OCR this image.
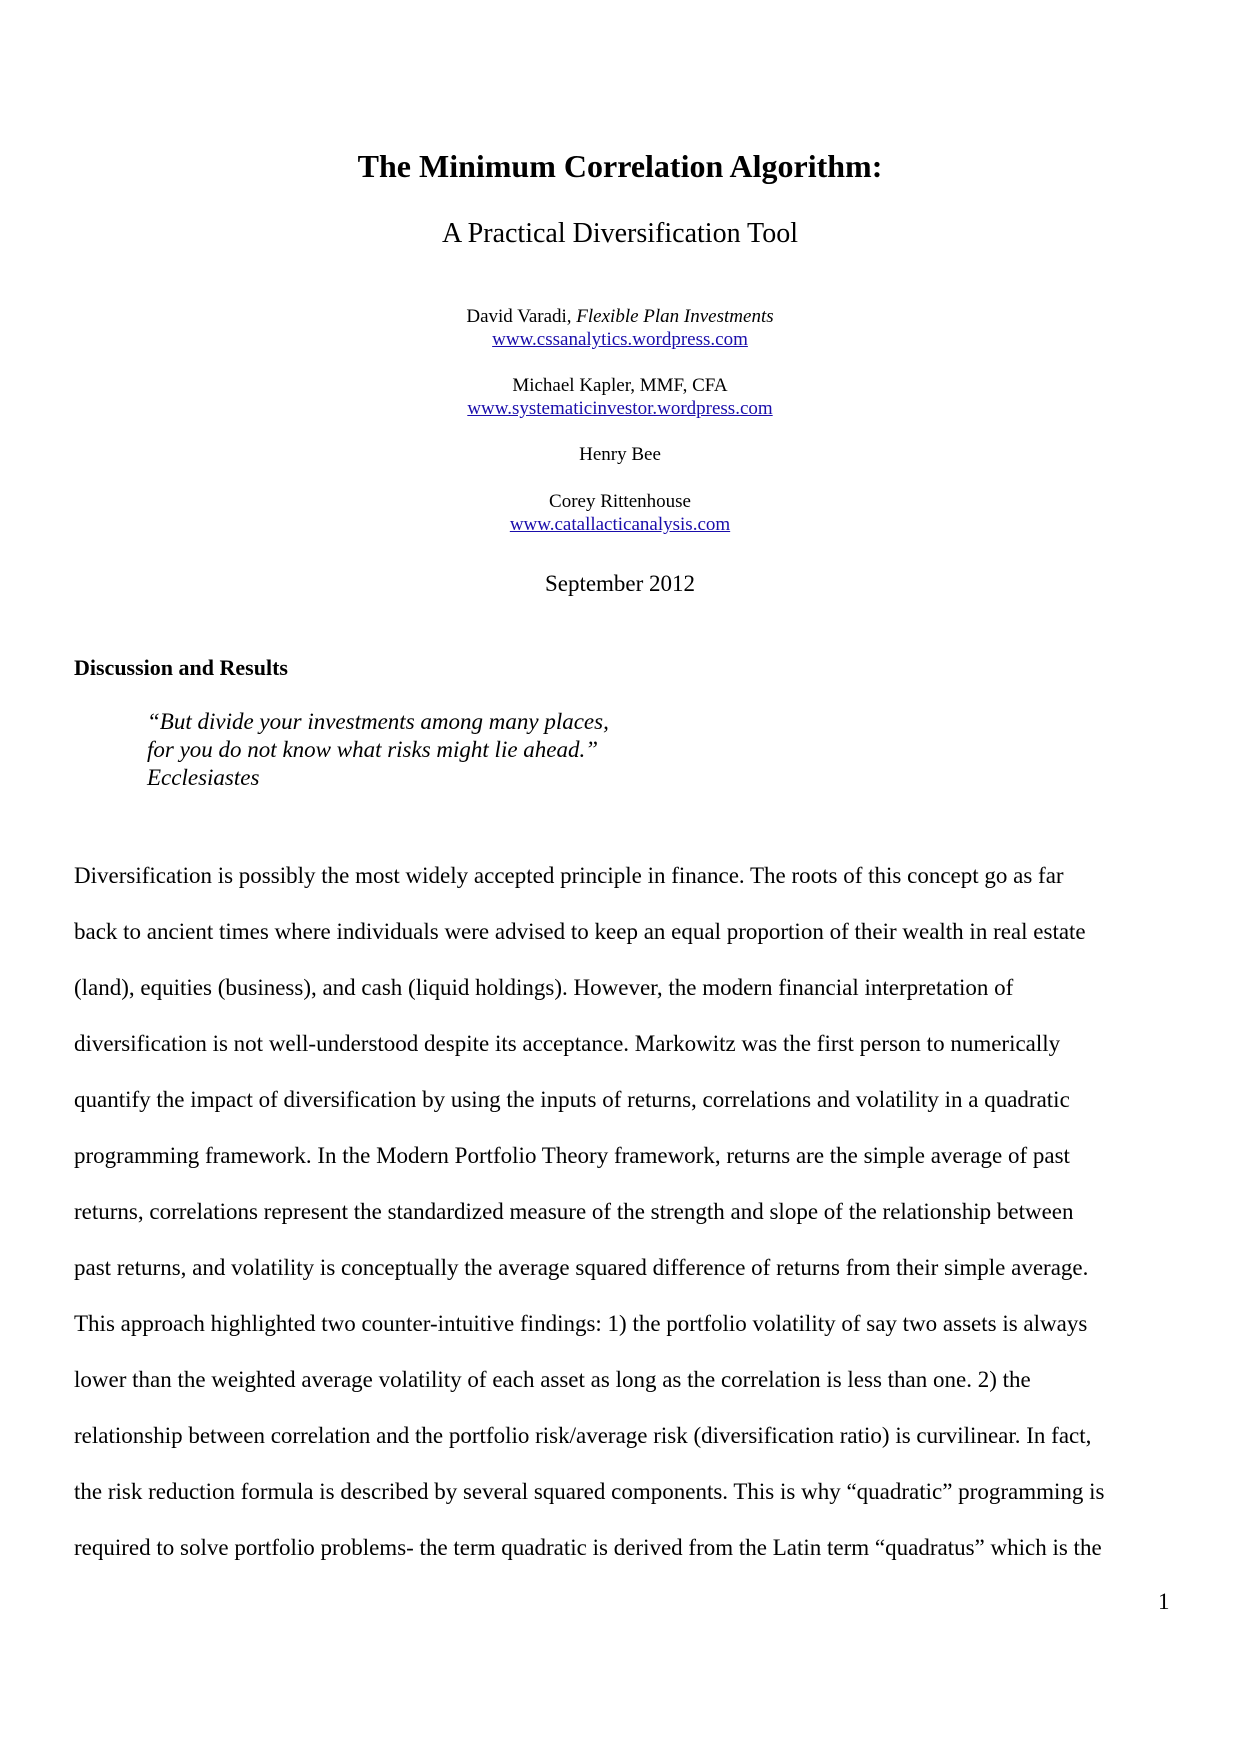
The Minimum Correlation Algorithm:
A Practical Diversification Tool
David Varadi, Flexible Plan Investments
www.cssanalytics.wordpress.com
Michael Kapler, MMF, CFA
www.systematicinvestor.wordpress.com
Henry Bee
Corey Rittenhouse
www.catallacticanalysis.com
September 2012
Discussion and Results
“But divide your investments among many places,
for you do not know what risks might lie ahead.”
Ecclesiastes
Diversification is possibly the most widely accepted principle in finance. The roots of this concept go as far
back to ancient times where individuals were advised to keep an equal proportion of their wealth in real estate
(land), equities (business), and cash (liquid holdings). However, the modern financial interpretation of
diversification is not well-understood despite its acceptance. Markowitz was the first person to numerically
quantify the impact of diversification by using the inputs of returns, correlations and volatility in a quadratic
programming framework. In the Modern Portfolio Theory framework, returns are the simple average of past
returns, correlations represent the standardized measure of the strength and slope of the relationship between
past returns, and volatility is conceptually the average squared difference of returns from their simple average.
This approach highlighted two counter-intuitive findings: 1) the portfolio volatility of say two assets is always
lower than the weighted average volatility of each asset as long as the correlation is less than one. 2) the
relationship between correlation and the portfolio risk/average risk (diversification ratio) is curvilinear. In fact,
the risk reduction formula is described by several squared components. This is why “quadratic” programming is
required to solve portfolio problems- the term quadratic is derived from the Latin term “quadratus” which is the
1
